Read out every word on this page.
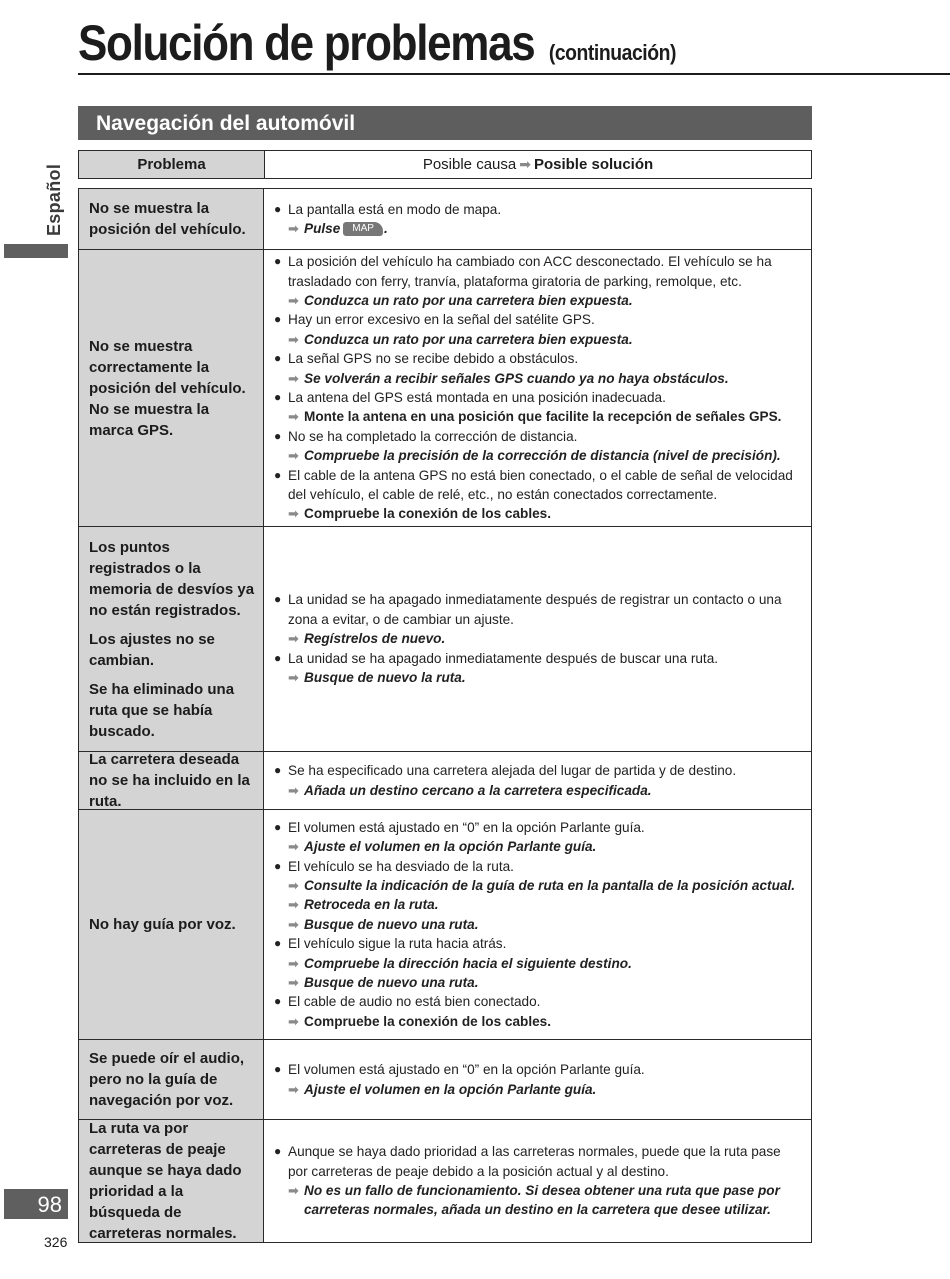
Solución de problemas (continuación)
Español
Navegación del automóvil
Problema	Posible causa ➡ Posible solución

No se muestra la posición del vehículo.

● La pantalla está en modo de mapa.
➡ Pulse MAP .

No se muestra correctamente la posición del vehículo. No se muestra la marca GPS.

● La posición del vehículo ha cambiado con ACC desconectado. El vehículo se ha trasladado con ferry, tranvía, plataforma giratoria de parking, remolque, etc.
➡ Conduzca un rato por una carretera bien expuesta.
● Hay un error excesivo en la señal del satélite GPS.
➡ Conduzca un rato por una carretera bien expuesta.
● La señal GPS no se recibe debido a obstáculos.
➡ Se volverán a recibir señales GPS cuando ya no haya obstáculos.
● La antena del GPS está montada en una posición inadecuada.
➡ Monte la antena en una posición que facilite la recepción de señales GPS.
● No se ha completado la corrección de distancia.
➡ Compruebe la precisión de la corrección de distancia (nivel de precisión).
● El cable de la antena GPS no está bien conectado, o el cable de señal de velocidad del vehículo, el cable de relé, etc., no están conectados correctamente.
➡ Compruebe la conexión de los cables.

Los puntos registrados o la memoria de desvíos ya no están registrados.

Los ajustes no se cambian.

Se ha eliminado una ruta que se había buscado.

● La unidad se ha apagado inmediatamente después de registrar un contacto o una zona a evitar, o de cambiar un ajuste.
➡ Regístrelos de nuevo.
● La unidad se ha apagado inmediatamente después de buscar una ruta.
➡ Busque de nuevo la ruta.

La carretera deseada no se ha incluido en la ruta.

● Se ha especificado una carretera alejada del lugar de partida y de destino.
➡ Añada un destino cercano a la carretera especificada.

No hay guía por voz.

● El volumen está ajustado en “0” en la opción Parlante guía.
➡ Ajuste el volumen en la opción Parlante guía.
● El vehículo se ha desviado de la ruta.
➡ Consulte la indicación de la guía de ruta en la pantalla de la posición actual.
➡ Retroceda en la ruta.
➡ Busque de nuevo una ruta.
● El vehículo sigue la ruta hacia atrás.
➡ Compruebe la dirección hacia el siguiente destino.
➡ Busque de nuevo una ruta.
● El cable de audio no está bien conectado.
➡ Compruebe la conexión de los cables.

Se puede oír el audio, pero no la guía de navegación por voz.

● El volumen está ajustado en “0” en la opción Parlante guía.
➡ Ajuste el volumen en la opción Parlante guía.

La ruta va por carreteras de peaje aunque se haya dado prioridad a la búsqueda de carreteras normales.

● Aunque se haya dado prioridad a las carreteras normales, puede que la ruta pase por carreteras de peaje debido a la posición actual y al destino.
➡ No es un fallo de funcionamiento. Si desea obtener una ruta que pase por carreteras normales, añada un destino en la carretera que desee utilizar.
98
326
